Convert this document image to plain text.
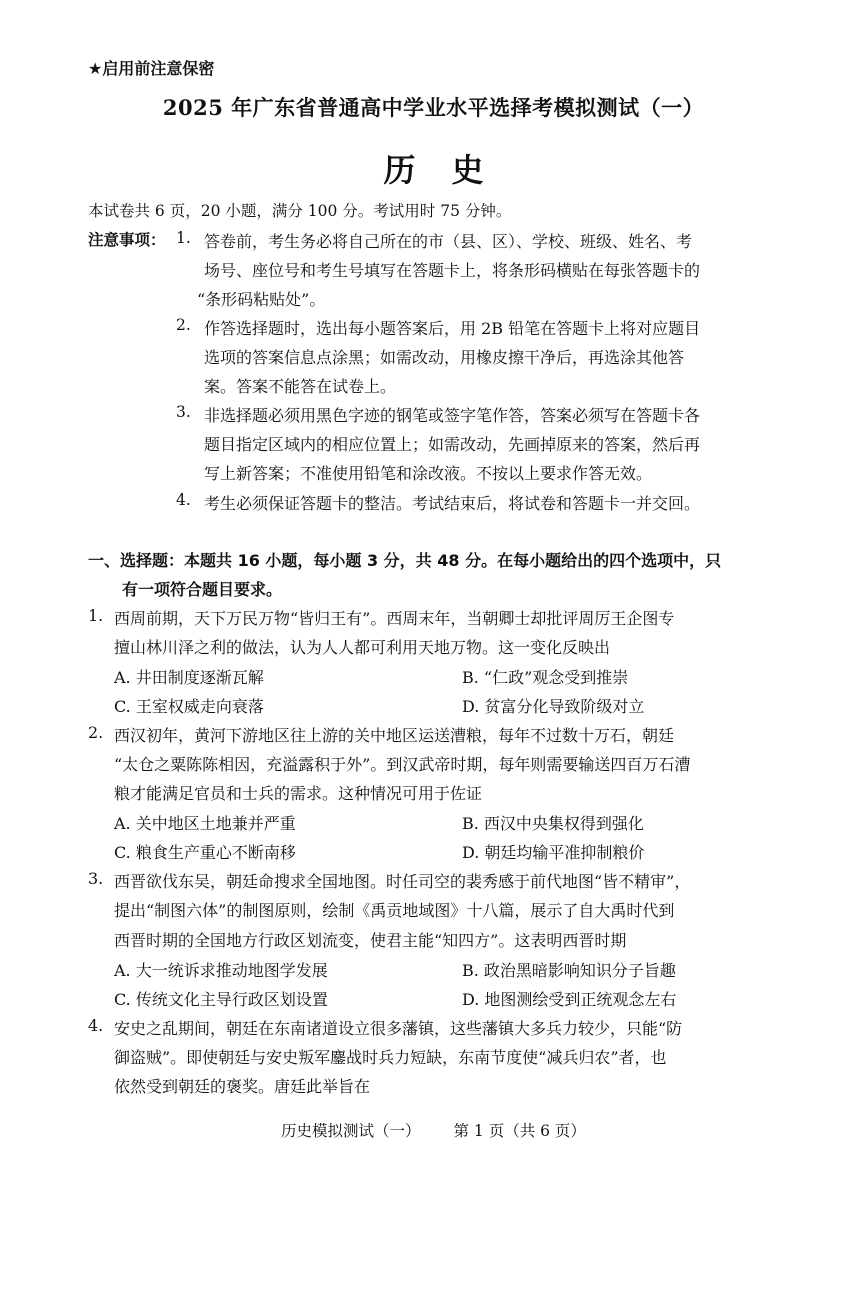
★启用前注意保密
2025 年广东省普通高中学业水平选择考模拟测试（一）
历史
本试卷共 6 页，20 小题，满分 100 分。考试用时 75 分钟。
注意事项： 1. 答卷前，考生务必将自己所在的市（县、区）、学校、班级、姓名、考
场号、座位号和考生号填写在答题卡上，将条形码横贴在每张答题卡的
“条形码粘贴处”。
2. 作答选择题时，选出每小题答案后，用 2B 铅笔在答题卡上将对应题目
选项的答案信息点涂黑；如需改动，用橡皮擦干净后，再选涂其他答
案。答案不能答在试卷上。
3. 非选择题必须用黑色字迹的钢笔或签字笔作答，答案必须写在答题卡各
题目指定区域内的相应位置上；如需改动，先画掉原来的答案，然后再
写上新答案；不准使用铅笔和涂改液。不按以上要求作答无效。
4. 考生必须保证答题卡的整洁。考试结束后，将试卷和答题卡一并交回。
一、选择题：本题共 16 小题，每小题 3 分，共 48 分。在每小题给出的四个选项中，只
有一项符合题目要求。
1. 西周前期，天下万民万物“皆归王有”。西周末年，当朝卿士却批评周厉王企图专
擅山林川泽之利的做法，认为人人都可利用天地万物。这一变化反映出
A. 井田制度逐渐瓦解	B. “仁政”观念受到推崇
C. 王室权威走向衰落	D. 贫富分化导致阶级对立
2. 西汉初年，黄河下游地区往上游的关中地区运送漕粮，每年不过数十万石，朝廷
“太仓之粟陈陈相因，充溢露积于外”。到汉武帝时期，每年则需要输送四百万石漕
粮才能满足官员和士兵的需求。这种情况可用于佐证
A. 关中地区土地兼并严重	B. 西汉中央集权得到强化
C. 粮食生产重心不断南移	D. 朝廷均输平准抑制粮价
3. 西晋欲伐东吴，朝廷命搜求全国地图。时任司空的裴秀感于前代地图“皆不精审”，
提出“制图六体”的制图原则，绘制《禹贡地域图》十八篇，展示了自大禹时代到
西晋时期的全国地方行政区划流变，使君主能“知四方”。这表明西晋时期
A. 大一统诉求推动地图学发展	B. 政治黑暗影响知识分子旨趣
C. 传统文化主导行政区划设置	D. 地图测绘受到正统观念左右
4. 安史之乱期间，朝廷在东南诸道设立很多藩镇，这些藩镇大多兵力较少，只能“防
御盗贼”。即使朝廷与安史叛军鏖战时兵力短缺，东南节度使“减兵归农”者，也
依然受到朝廷的褒奖。唐廷此举旨在
历史模拟测试（一） 第 1 页（共 6 页）
